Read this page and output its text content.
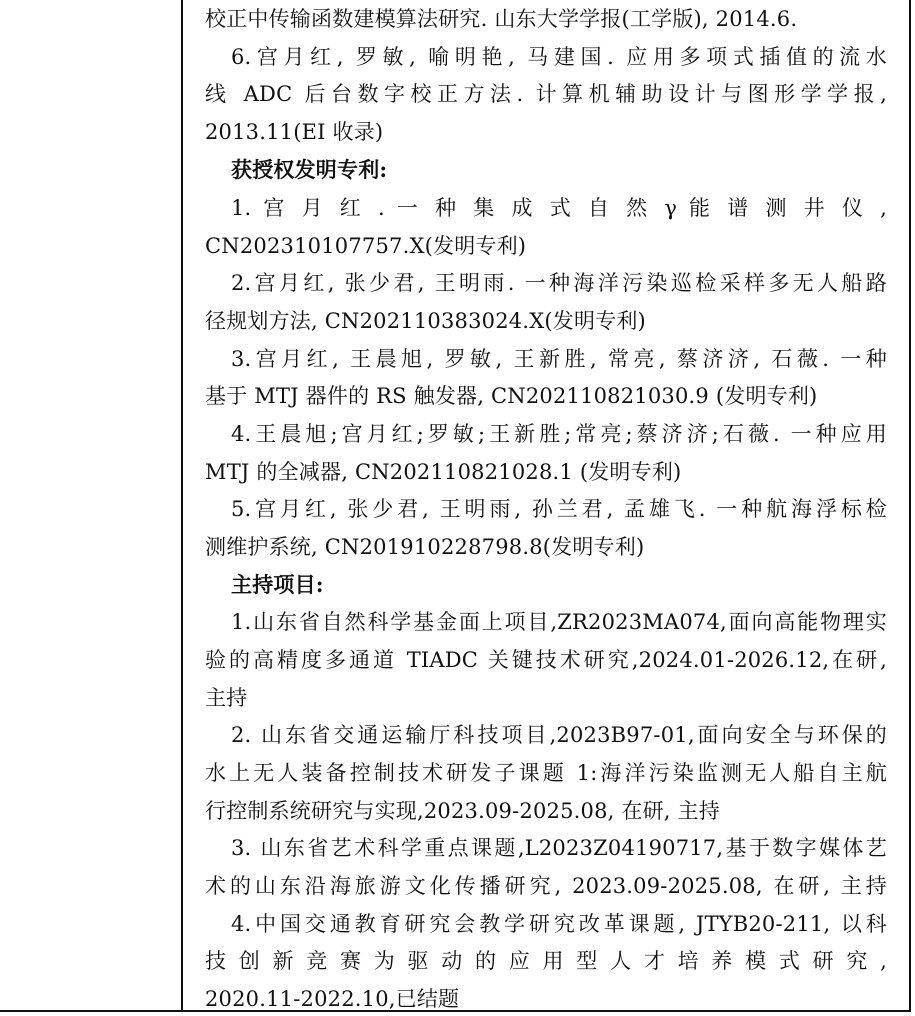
校正中传输函数建模算法研究. 山东大学学报(工学版), 2014.6.
6.宫月红, 罗敏, 喻明艳, 马建国. 应用多项式插值的流水
线 ADC 后台数字校正方法. 计算机辅助设计与图形学学报,
2013.11(EI 收录)
获授权发明专利:
1. 宫 月 红 . 一 种 集 成 式 自 然 γ 能 谱 测 井 仪 ,
CN202310107757.X(发明专利)
2.宫月红, 张少君, 王明雨. 一种海洋污染巡检采样多无人船路
径规划方法, CN202110383024.X(发明专利)
3.宫月红, 王晨旭, 罗敏, 王新胜, 常亮, 蔡济济, 石薇. 一种
基于 MTJ 器件的 RS 触发器, CN202110821030.9 (发明专利)
4.王晨旭;宫月红;罗敏;王新胜;常亮;蔡济济;石薇. 一种应用
MTJ 的全减器, CN202110821028.1 (发明专利)
5.宫月红, 张少君, 王明雨, 孙兰君, 孟雄飞. 一种航海浮标检
测维护系统, CN201910228798.8(发明专利)
主持项目:
1.山东省自然科学基金面上项目,ZR2023MA074,面向高能物理实
验的高精度多通道 TIADC 关键技术研究,2024.01-2026.12,在研,
主持
2. 山东省交通运输厅科技项目,2023B97-01,面向安全与环保的
水上无人装备控制技术研发子课题 1:海洋污染监测无人船自主航
行控制系统研究与实现,2023.09-2025.08, 在研, 主持
3. 山东省艺术科学重点课题,L2023Z04190717,基于数字媒体艺
术的山东沿海旅游文化传播研究, 2023.09-2025.08, 在研, 主持
4.中国交通教育研究会教学研究改革课题, JTYB20-211, 以科
技 创 新 竞 赛 为 驱 动 的 应 用 型 人 才 培 养 模 式 研 究 ,
2020.11-2022.10,已结题
